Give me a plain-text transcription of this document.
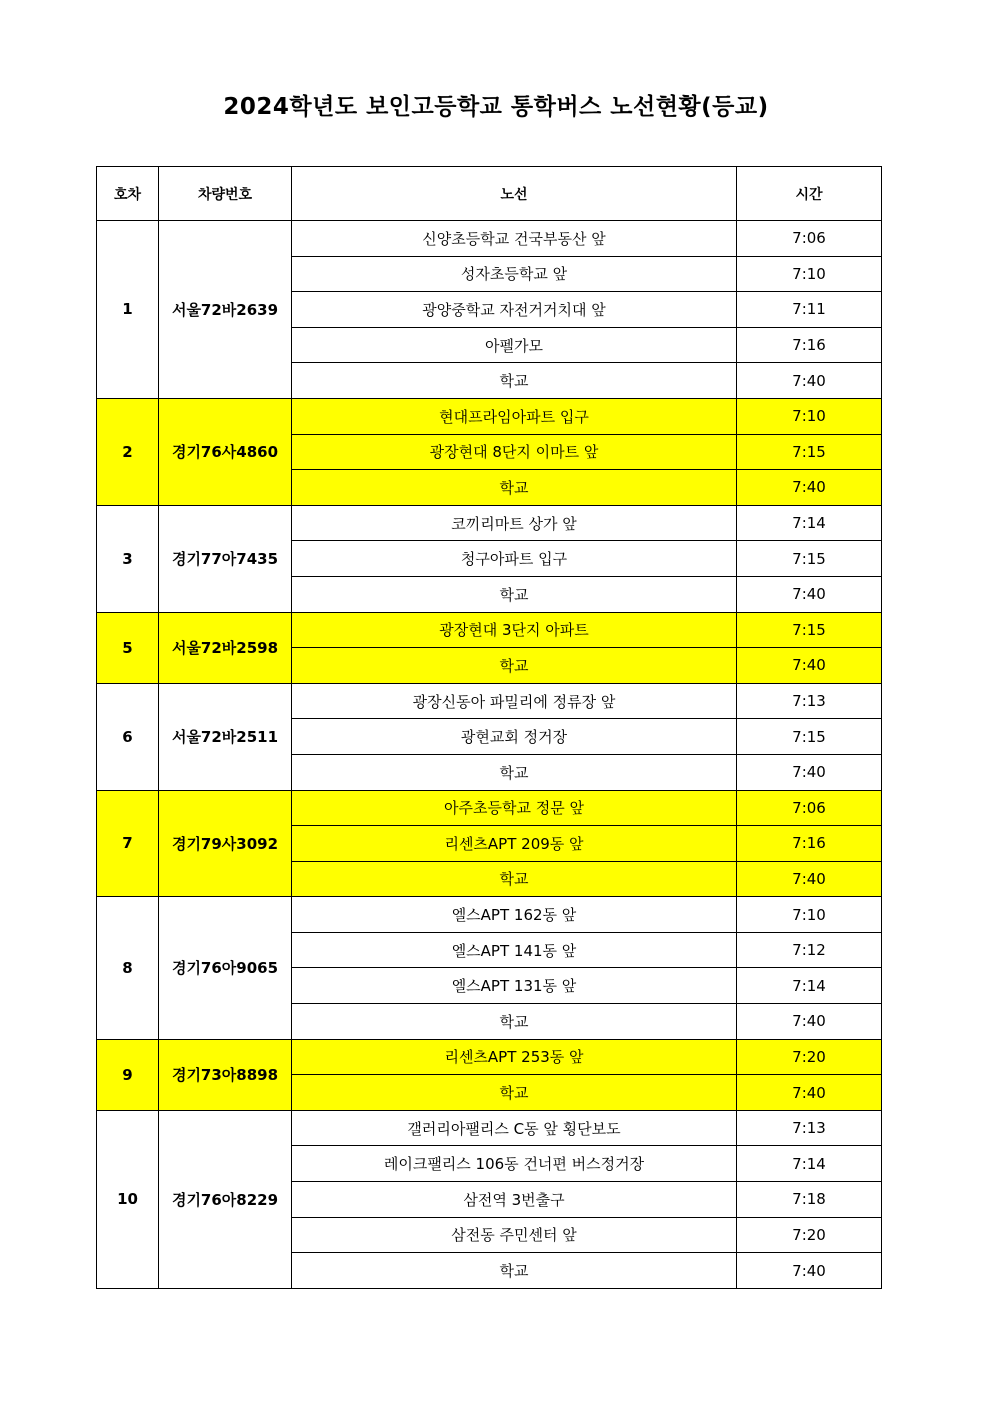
2024학년도 보인고등학교 통학버스 노선현황(등교)
호차	차량번호	노선	시간
1	서울72바2639	신양초등학교 건국부동산 앞	7:06
		성자초등학교 앞	7:10
		광양중학교 자전거거치대 앞	7:11
		아펠가모	7:16
		학교	7:40
2	경기76사4860	현대프라임아파트 입구	7:10
		광장현대 8단지 이마트 앞	7:15
		학교	7:40
3	경기77아7435	코끼리마트 상가 앞	7:14
		청구아파트 입구	7:15
		학교	7:40
5	서울72바2598	광장현대 3단지 아파트	7:15
		학교	7:40
6	서울72바2511	광장신동아 파밀리에 정류장 앞	7:13
		광현교회 정거장	7:15
		학교	7:40
7	경기79사3092	아주초등학교 정문 앞	7:06
		리센츠APT 209동 앞	7:16
		학교	7:40
8	경기76아9065	엘스APT 162동 앞	7:10
		엘스APT 141동 앞	7:12
		엘스APT 131동 앞	7:14
		학교	7:40
9	경기73아8898	리센츠APT 253동 앞	7:20
		학교	7:40
10	경기76아8229	갤러리아팰리스 C동 앞 횡단보도	7:13
		레이크팰리스 106동 건너편 버스정거장	7:14
		삼전역 3번출구	7:18
		삼전동 주민센터 앞	7:20
		학교	7:40
